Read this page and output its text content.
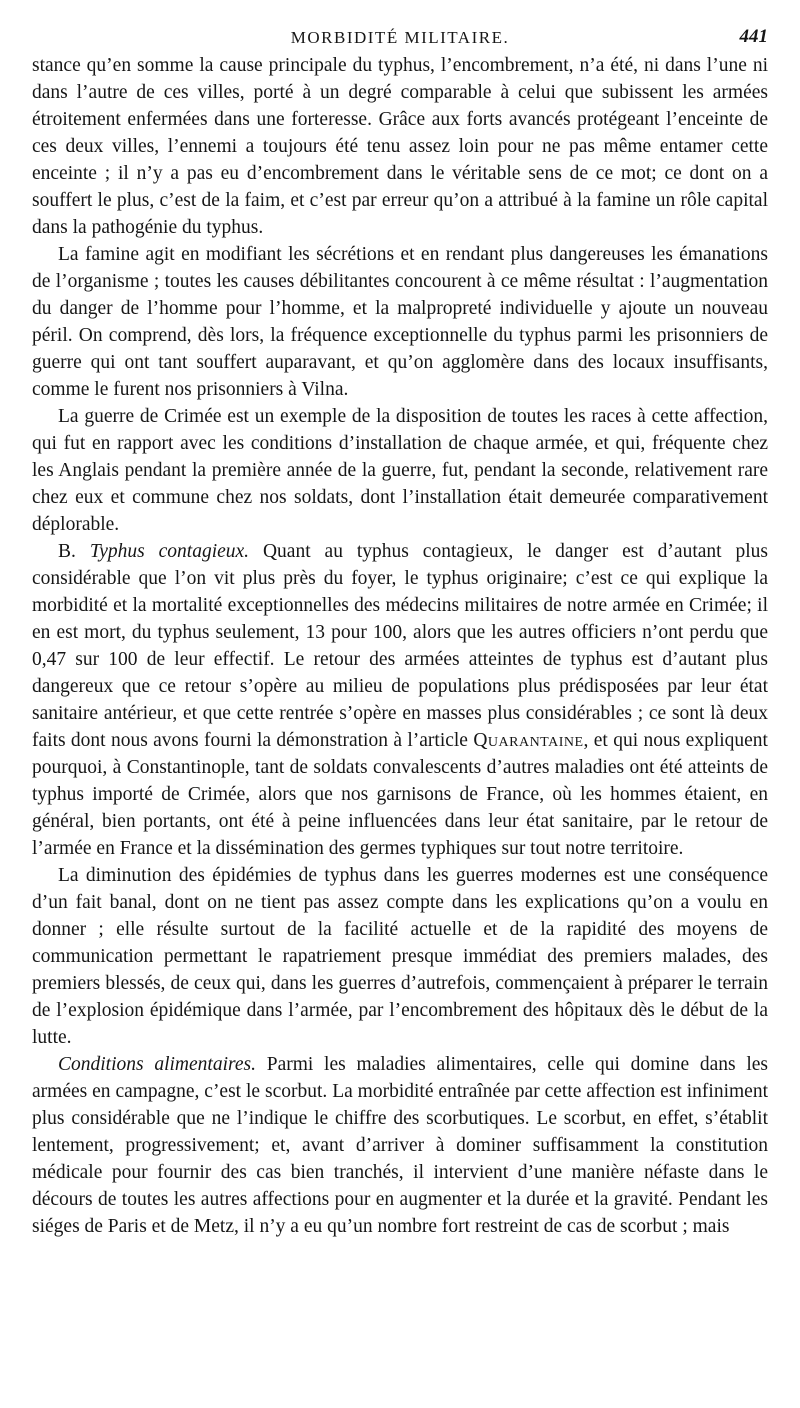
MORBIDITÉ MILITAIRE.	441

stance qu’en somme la cause principale du typhus, l’encombrement, n’a été, ni dans l’une ni dans l’autre de ces villes, porté à un degré comparable à celui que subissent les armées étroitement enfermées dans une forteresse. Grâce aux forts avancés protégeant l’enceinte de ces deux villes, l’ennemi a toujours été tenu assez loin pour ne pas même entamer cette enceinte ; il n’y a pas eu d’encombrement dans le véritable sens de ce mot; ce dont on a souffert le plus, c’est de la faim, et c’est par erreur qu’on a attribué à la famine un rôle capital dans la pathogénie du typhus.

La famine agit en modifiant les sécrétions et en rendant plus dangereuses les émanations de l’organisme ; toutes les causes débilitantes concourent à ce même résultat : l’augmentation du danger de l’homme pour l’homme, et la malpropreté individuelle y ajoute un nouveau péril. On comprend, dès lors, la fréquence exceptionnelle du typhus parmi les prisonniers de guerre qui ont tant souffert auparavant, et qu’on agglomère dans des locaux insuffisants, comme le furent nos prisonniers à Vilna.

La guerre de Crimée est un exemple de la disposition de toutes les races à cette affection, qui fut en rapport avec les conditions d’installation de chaque armée, et qui, fréquente chez les Anglais pendant la première année de la guerre, fut, pendant la seconde, relativement rare chez eux et commune chez nos soldats, dont l’installation était demeurée comparativement déplorable.

B. Typhus contagieux. Quant au typhus contagieux, le danger est d’autant plus considérable que l’on vit plus près du foyer, le typhus originaire; c’est ce qui explique la morbidité et la mortalité exceptionnelles des médecins militaires de notre armée en Crimée; il en est mort, du typhus seulement, 13 pour 100, alors que les autres officiers n’ont perdu que 0,47 sur 100 de leur effectif. Le retour des armées atteintes de typhus est d’autant plus dangereux que ce retour s’opère au milieu de populations plus prédisposées par leur état sanitaire antérieur, et que cette rentrée s’opère en masses plus considérables ; ce sont là deux faits dont nous avons fourni la démonstration à l’article Quarantaine, et qui nous expliquent pourquoi, à Constantinople, tant de soldats convalescents d’autres maladies ont été atteints de typhus importé de Crimée, alors que nos garnisons de France, où les hommes étaient, en général, bien portants, ont été à peine influencées dans leur état sanitaire, par le retour de l’armée en France et la dissémination des germes typhiques sur tout notre territoire.

La diminution des épidémies de typhus dans les guerres modernes est une conséquence d’un fait banal, dont on ne tient pas assez compte dans les explications qu’on a voulu en donner ; elle résulte surtout de la facilité actuelle et de la rapidité des moyens de communication permettant le rapatriement presque immédiat des premiers malades, des premiers blessés, de ceux qui, dans les guerres d’autrefois, commençaient à préparer le terrain de l’explosion épidémique dans l’armée, par l’encombrement des hôpitaux dès le début de la lutte.

Conditions alimentaires. Parmi les maladies alimentaires, celle qui domine dans les armées en campagne, c’est le scorbut. La morbidité entraînée par cette affection est infiniment plus considérable que ne l’indique le chiffre des scorbutiques. Le scorbut, en effet, s’établit lentement, progressivement; et, avant d’arriver à dominer suffisamment la constitution médicale pour fournir des cas bien tranchés, il intervient d’une manière néfaste dans le décours de toutes les autres affections pour en augmenter et la durée et la gravité. Pendant les siéges de Paris et de Metz, il n’y a eu qu’un nombre fort restreint de cas de scorbut ; mais
